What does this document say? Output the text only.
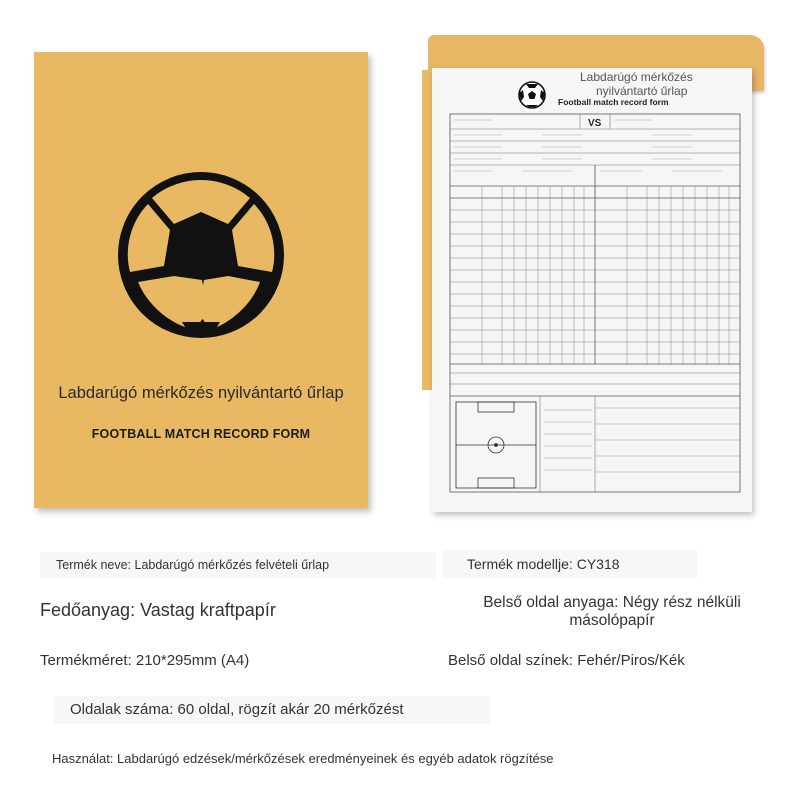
Labdarúgó mérkőzés nyilvántartó űrlap
FOOTBALL MATCH RECORD FORM
Labdarúgó mérkőzés
nyilvántartó űrlap
Football match record form
VS
Termék neve: Labdarúgó mérkőzés felvételi űrlap	Termék modellje: CY318
Fedőanyag: Vastag kraftpapír	Belső oldal anyaga: Négy rész nélküli
másolópapír
Termékméret: 210*295mm (A4)	Belső oldal színek: Fehér/Piros/Kék
Oldalak száma: 60 oldal, rögzít akár 20 mérkőzést
Használat: Labdarúgó edzések/mérkőzések eredményeinek és egyéb adatok rögzítése
